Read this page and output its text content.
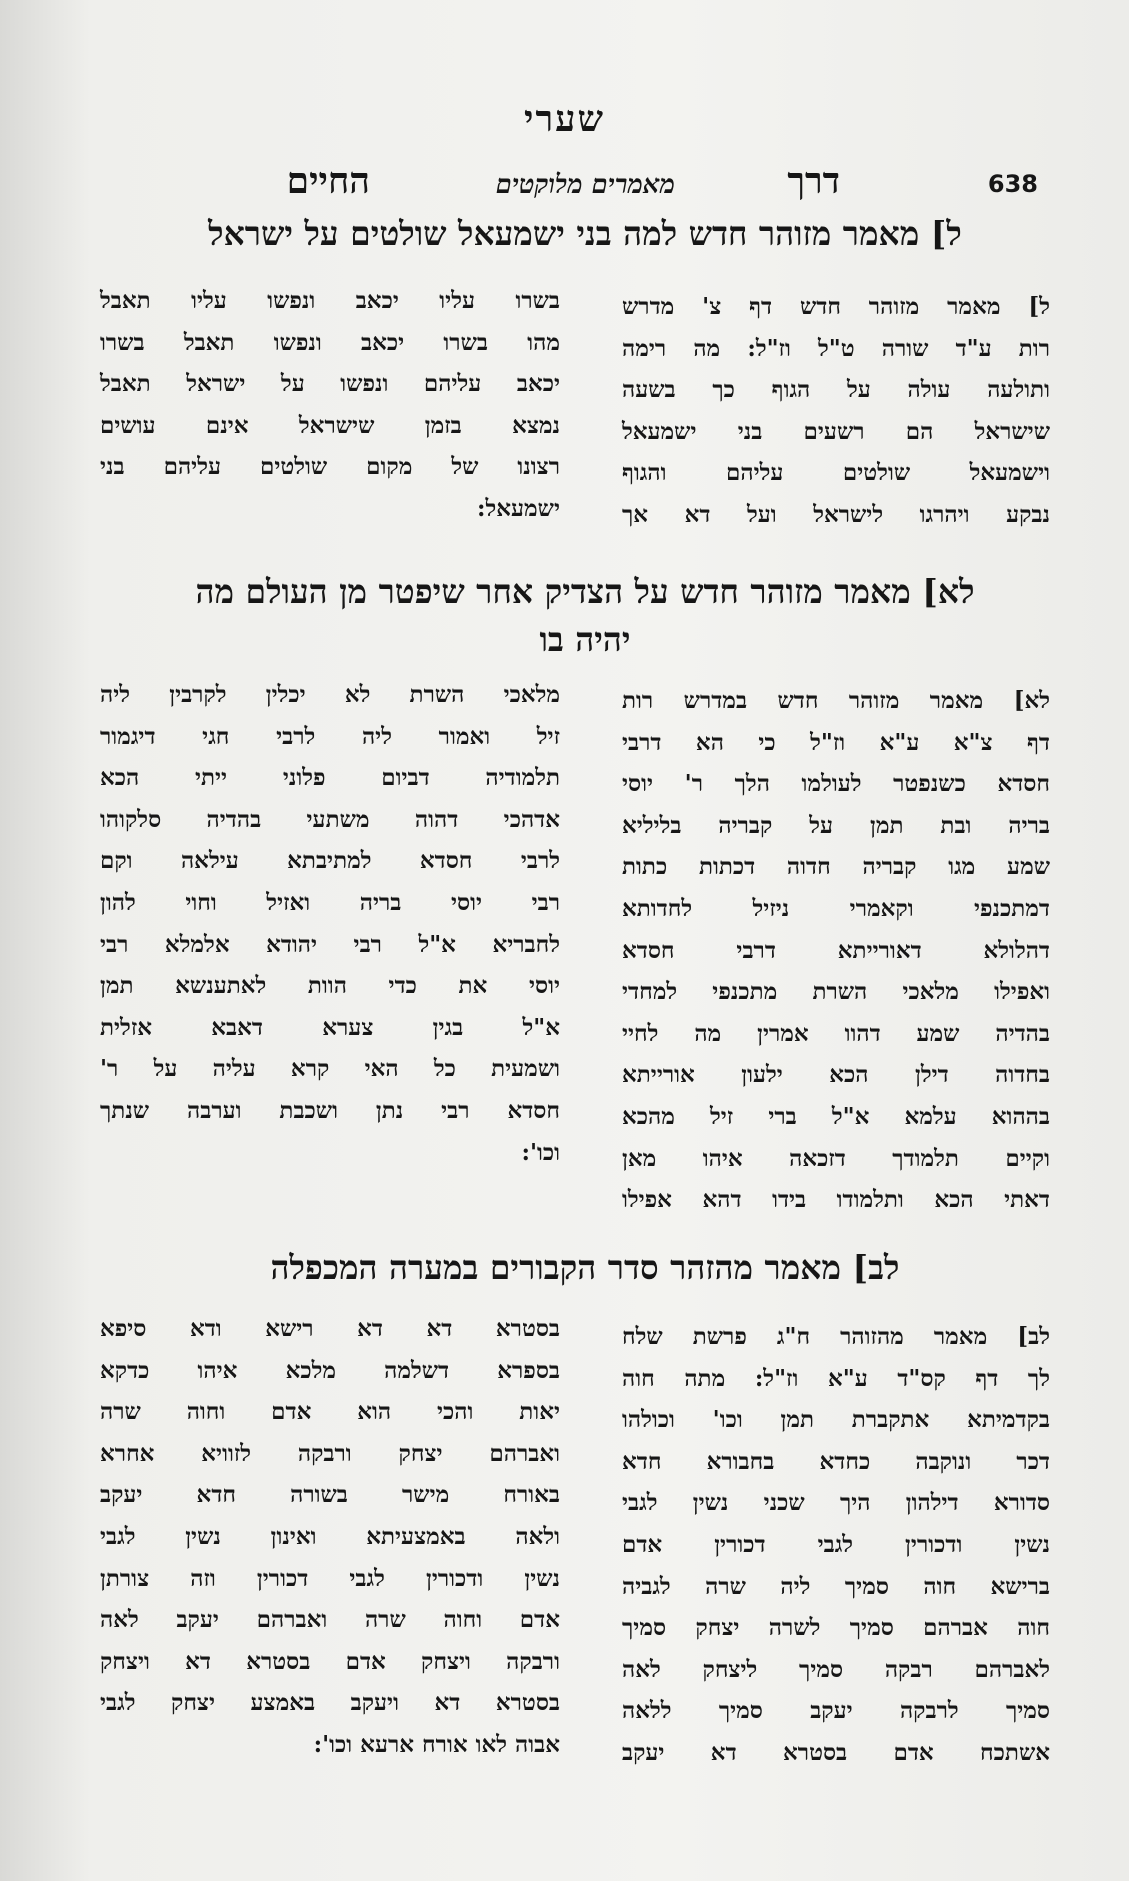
שערי
638
דרך
מאמרים מלוקטים
החיים
ל] מאמר מזוהר חדש למה בני ישמעאל שולטים על ישראל
ל] מאמר מזוהר חדש דף צ' מדרש
רות ע"ד שורה ט"ל וז"ל: מה רימה
ותולעה עולה על הגוף כך בשעה
שישראל הם רשעים בני ישמעאל
וישמעאל שולטים עליהם והגוף
נבקע ויהרגו לישראל ועל דא אך
בשרו עליו יכאב ונפשו עליו תאבל
מהו בשרו יכאב ונפשו תאבל בשרו
יכאב עליהם ונפשו על ישראל תאבל
נמצא בזמן שישראל אינם עושים
רצונו של מקום שולטים עליהם בני
ישמעאל:
לא] מאמר מזוהר חדש על הצדיק אחר שיפטר מן העולם מה
יהיה בו
לא] מאמר מזוהר חדש במדרש רות
דף צ"א ע"א וז"ל כי הא דרבי
חסדא כשנפטר לעולמו הלך ר' יוסי
בריה ובת תמן על קבריה בליליא
שמע מגו קבריה חדוה דכתות כתות
דמתכנפי וקאמרי ניזיל לחדותא
דהלולא דאורייתא דרבי חסדא
ואפילו מלאכי השרת מתכנפי למחדי
בהדיה שמע דהוו אמרין מה לחיי
בחדוה דילן הכא ילעון אורייתא
בההוא עלמא א"ל ברי זיל מהכא
וקיים תלמודך דזכאה איהו מאן
דאתי הכא ותלמודו בידו דהא אפילו
מלאכי השרת לא יכלין לקרבין ליה
זיל ואמור ליה לרבי חגי דיגמור
תלמודיה דביום פלוני ייתי הכא
אדהכי דהוה משתעי בהדיה סלקוהו
לרבי חסדא למתיבתא עילאה וקם
רבי יוסי בריה ואזיל וחוי להון
לחבריא א"ל רבי יהודא אלמלא רבי
יוסי את כדי הוות לאתענשא תמן
א"ל בגין צערא דאבא אזלית
ושמעית כל האי קרא עליה על ר'
חסדא רבי נתן ושכבת וערבה שנתך
וכו':
לב] מאמר מהזהר סדר הקבורים במערה המכפלה
לב] מאמר מהזוהר ח"ג פרשת שלח
לך דף קס"ד ע"א וז"ל: מתה חוה
בקדמיתא אתקברת תמן וכו' וכולהו
דכר ונוקבה כחדא בחבורא חדא
סדורא דילהון היך שכני נשין לגבי
נשין ודכורין לגבי דכורין אדם
ברישא חוה סמיך ליה שרה לגביה
חוה אברהם סמיך לשרה יצחק סמיך
לאברהם רבקה סמיך ליצחק לאה
סמיך לרבקה יעקב סמיך ללאה
אשתכח אדם בסטרא דא יעקב
בסטרא דא דא רישא ודא סיפא
בספרא דשלמה מלכא איהו כדקא
יאות והכי הוא אדם וחוה שרה
ואברהם יצחק ורבקה לזוויא אחרא
באורח מישר בשורה חדא יעקב
ולאה באמצעיתא ואינון נשין לגבי
נשין ודכורין לגבי דכורין וזה צורתן
אדם וחוה שרה ואברהם יעקב לאה
ורבקה ויצחק אדם בסטרא דא ויצחק
בסטרא דא ויעקב באמצע יצחק לגבי
אבוה לאו אורח ארעא וכו':
